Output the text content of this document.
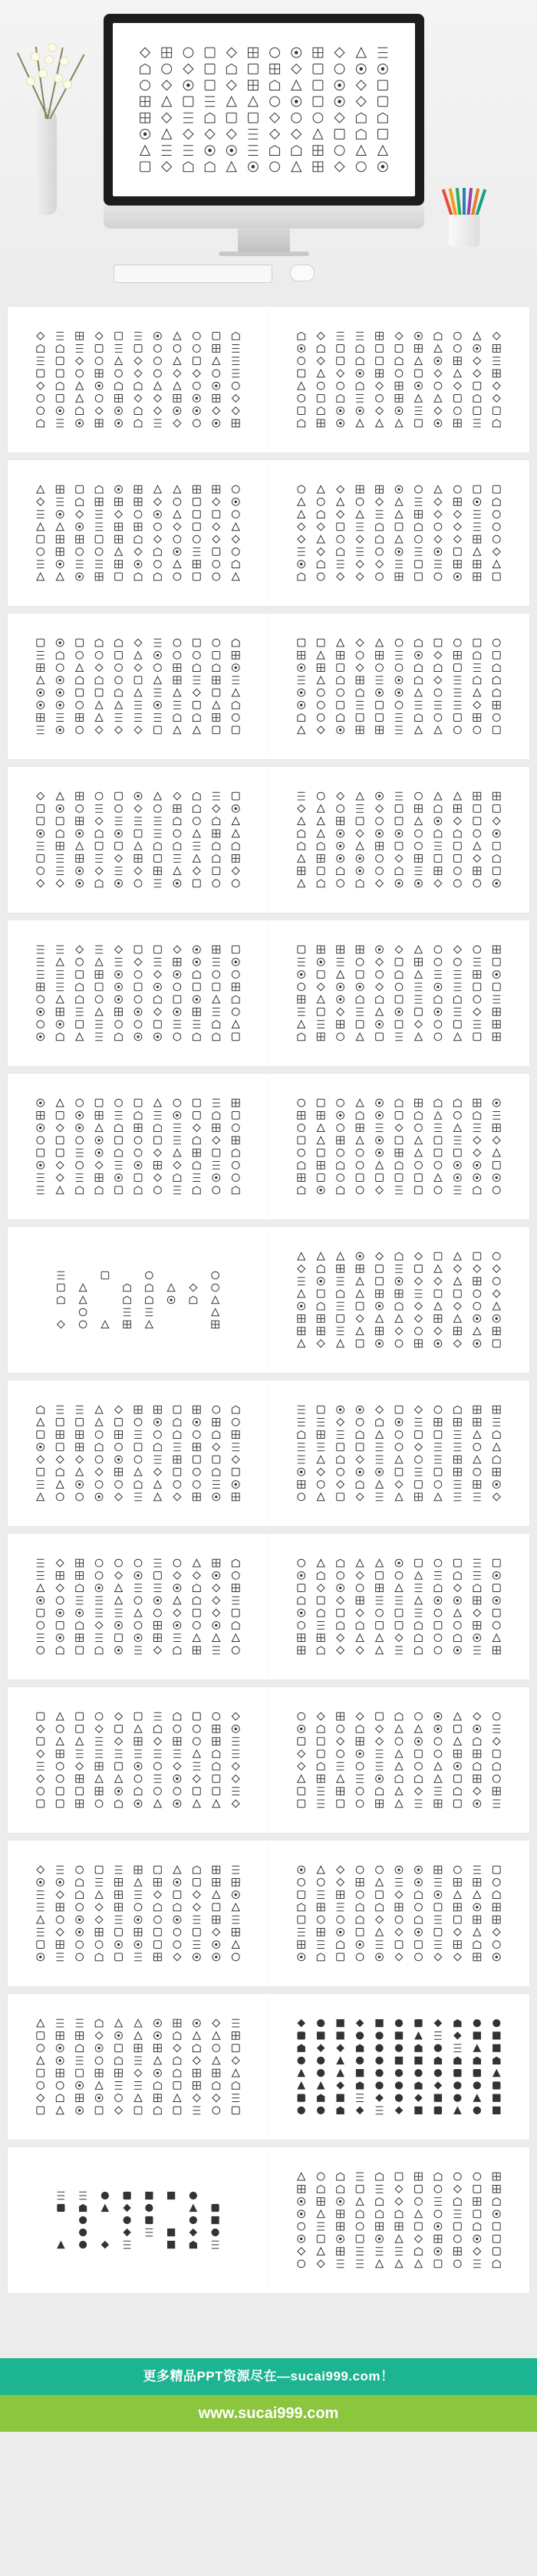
更多精品PPT资源尽在—sucai999.com！
www.sucai999.com
